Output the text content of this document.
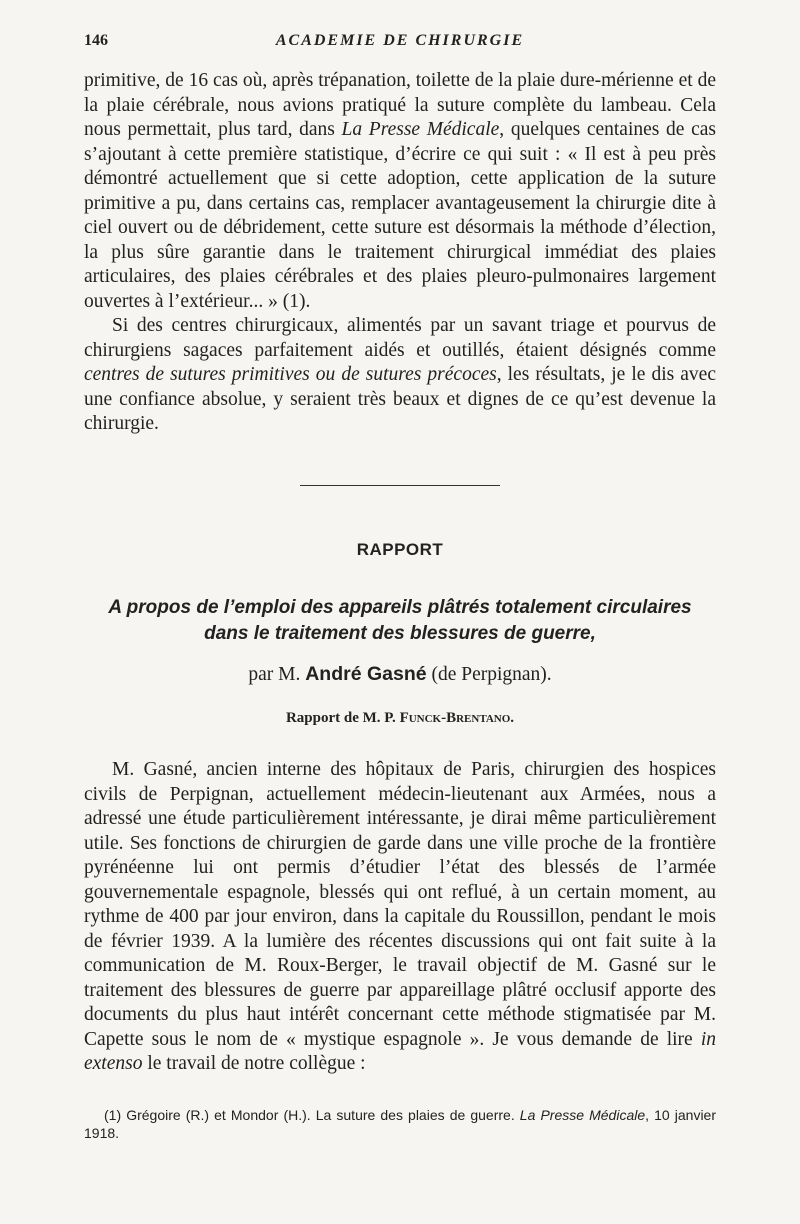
146	ACADEMIE DE CHIRURGIE

primitive, de 16 cas où, après trépanation, toilette de la plaie dure-mérienne et de la plaie cérébrale, nous avions pratiqué la suture complète du lambeau. Cela nous permettait, plus tard, dans La Presse Médicale, quelques centaines de cas s’ajoutant à cette première statistique, d’écrire ce qui suit : « Il est à peu près démontré actuellement que si cette adoption, cette application de la suture primitive a pu, dans certains cas, remplacer avantageusement la chirurgie dite à ciel ouvert ou de débridement, cette suture est désormais la méthode d’élection, la plus sûre garantie dans le traitement chirurgical immédiat des plaies articulaires, des plaies cérébrales et des plaies pleuro-pulmonaires largement ouvertes à l’extérieur... » (1).

Si des centres chirurgicaux, alimentés par un savant triage et pourvus de chirurgiens sagaces parfaitement aidés et outillés, étaient désignés comme centres de sutures primitives ou de sutures précoces, les résultats, je le dis avec une confiance absolue, y seraient très beaux et dignes de ce qu’est devenue la chirurgie.

RAPPORT
A propos de l’emploi des appareils plâtrés totalement circulaires
dans le traitement des blessures de guerre,
par M. André Gasné (de Perpignan).
Rapport de M. P. Funck-Brentano.

M. Gasné, ancien interne des hôpitaux de Paris, chirurgien des hospices civils de Perpignan, actuellement médecin-lieutenant aux Armées, nous a adressé une étude particulièrement intéressante, je dirai même particulièrement utile. Ses fonctions de chirurgien de garde dans une ville proche de la frontière pyrénéenne lui ont permis d’étudier l’état des blessés de l’armée gouvernementale espagnole, blessés qui ont reflué, à un certain moment, au rythme de 400 par jour environ, dans la capitale du Roussillon, pendant le mois de février 1939. A la lumière des récentes discussions qui ont fait suite à la communication de M. Roux-Berger, le travail objectif de M. Gasné sur le traitement des blessures de guerre par appareillage plâtré occlusif apporte des documents du plus haut intérêt concernant cette méthode stigmatisée par M. Capette sous le nom de « mystique espagnole ». Je vous demande de lire in extenso le travail de notre collègue :

(1) Grégoire (R.) et Mondor (H.). La suture des plaies de guerre. La Presse Médicale, 10 janvier 1918.
